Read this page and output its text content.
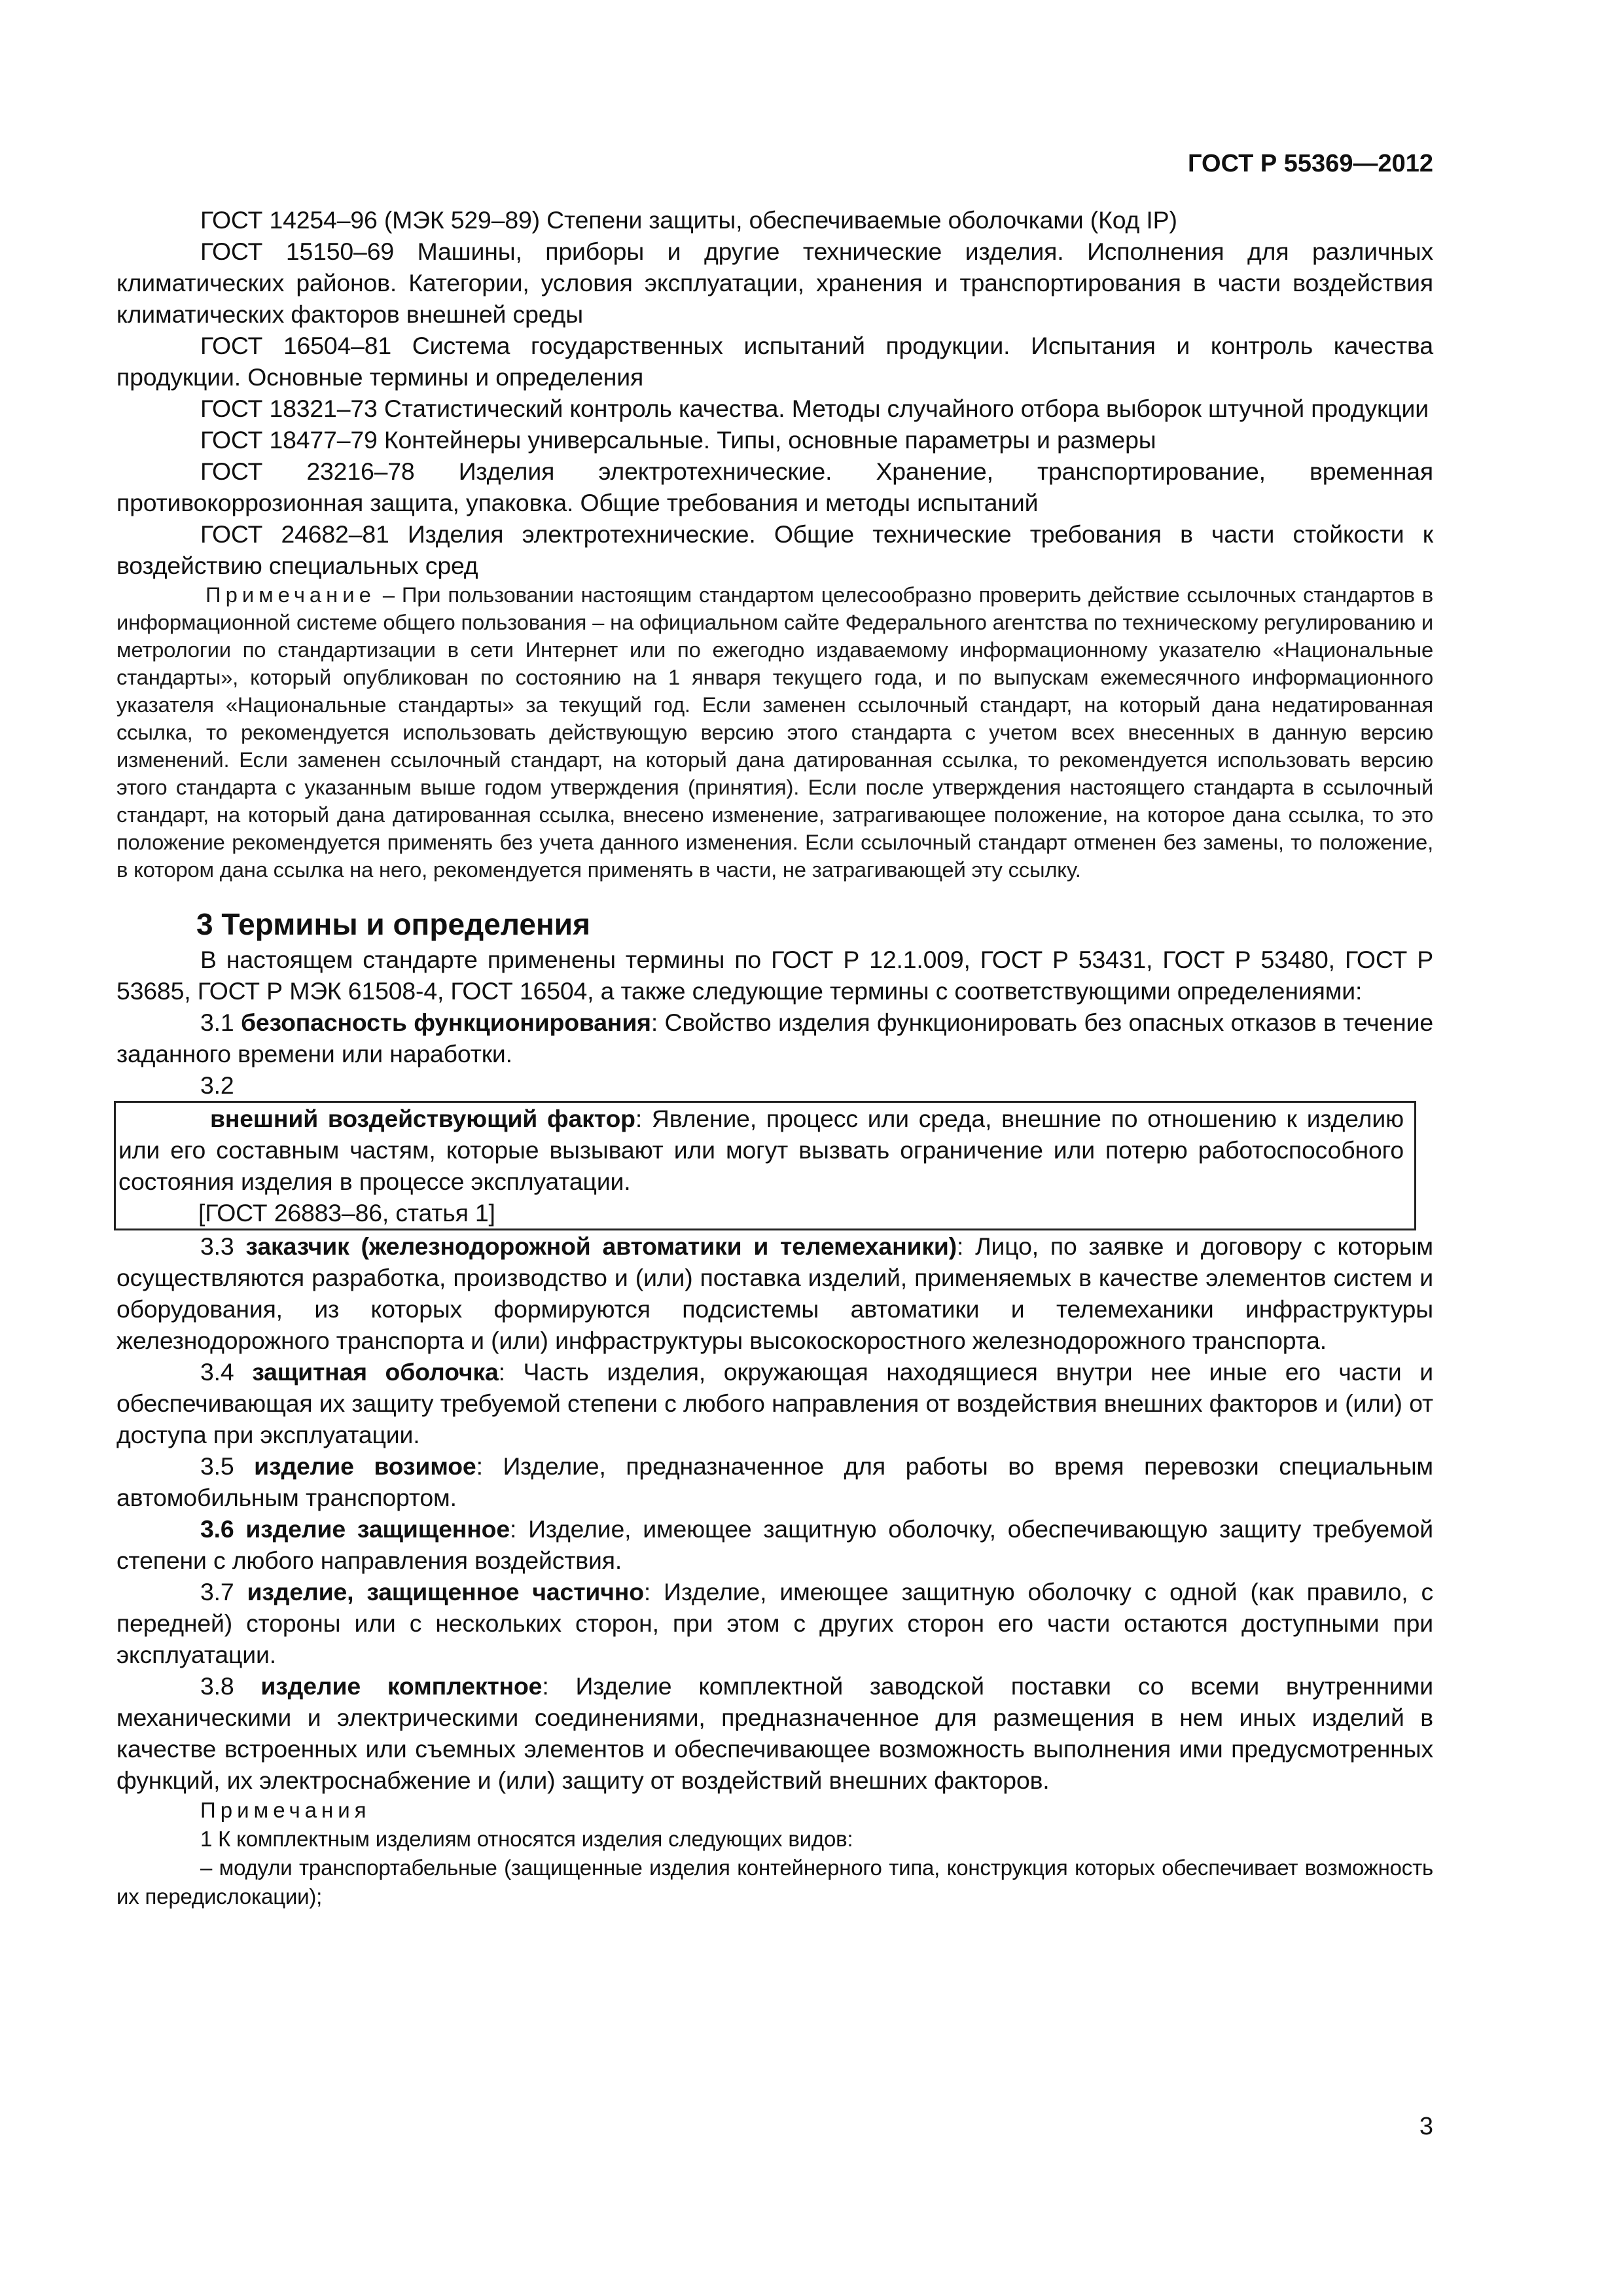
ГОСТ Р 55369—2012

ГОСТ 14254–96 (МЭК 529–89) Степени защиты, обеспечиваемые оболочками (Код IP)

ГОСТ 15150–69 Машины, приборы и другие технические изделия. Исполнения для различных климатических районов. Категории, условия эксплуатации, хранения и транспортирования в части воздействия климатических факторов внешней среды

ГОСТ 16504–81 Система государственных испытаний продукции. Испытания и контроль качества продукции. Основные термины и определения

ГОСТ 18321–73 Статистический контроль качества. Методы случайного отбора выборок штучной продукции

ГОСТ 18477–79 Контейнеры универсальные. Типы, основные параметры и размеры

ГОСТ 23216–78 Изделия электротехнические. Хранение, транспортирование, временная противокоррозионная защита, упаковка. Общие требования и методы испытаний

ГОСТ 24682–81 Изделия электротехнические. Общие технические требования в части стойкости к воздействию специальных сред

Примечание – При пользовании настоящим стандартом целесообразно проверить действие ссылочных стандартов в информационной системе общего пользования – на официальном сайте Федерального агентства по техническому регулированию и метрологии по стандартизации в сети Интернет или по ежегодно издаваемому информационному указателю «Национальные стандарты», который опубликован по состоянию на 1 января текущего года, и по выпускам ежемесячного информационного указателя «Национальные стандарты» за текущий год. Если заменен ссылочный стандарт, на который дана недатированная ссылка, то рекомендуется использовать действующую версию этого стандарта с учетом всех внесенных в данную версию изменений. Если заменен ссылочный стандарт, на который дана датированная ссылка, то рекомендуется использовать версию этого стандарта с указанным выше годом утверждения (принятия). Если после утверждения настоящего стандарта в ссылочный стандарт, на который дана датированная ссылка, внесено изменение, затрагивающее положение, на которое дана ссылка, то это положение рекомендуется применять без учета данного изменения. Если ссылочный стандарт отменен без замены, то положение, в котором дана ссылка на него, рекомендуется применять в части, не затрагивающей эту ссылку.

3 Термины и определения

В настоящем стандарте применены термины по ГОСТ Р 12.1.009, ГОСТ Р 53431, ГОСТ Р 53480, ГОСТ Р 53685, ГОСТ Р МЭК 61508-4, ГОСТ 16504, а также следующие термины с соответствующими определениями:

3.1 безопасность функционирования: Свойство изделия функционировать без опасных отказов в течение заданного времени или наработки.

3.2

внешний воздействующий фактор: Явление, процесс или среда, внешние по отношению к изделию или его составным частям, которые вызывают или могут вызвать ограничение или потерю работоспособного состояния изделия в процессе эксплуатации.

[ГОСТ 26883–86, статья 1]

3.3 заказчик (железнодорожной автоматики и телемеханики): Лицо, по заявке и договору с которым осуществляются разработка, производство и (или) поставка изделий, применяемых в качестве элементов систем и оборудования, из которых формируются подсистемы автоматики и телемеханики инфраструктуры железнодорожного транспорта и (или) инфраструктуры высокоскоростного железнодорожного транспорта.

3.4 защитная оболочка: Часть изделия, окружающая находящиеся внутри нее иные его части и обеспечивающая их защиту требуемой степени с любого направления от воздействия внешних факторов и (или) от доступа при эксплуатации.

3.5 изделие возимое: Изделие, предназначенное для работы во время перевозки специальным автомобильным транспортом.

3.6 изделие защищенное: Изделие, имеющее защитную оболочку, обеспечивающую защиту требуемой степени с любого направления воздействия.

3.7 изделие, защищенное частично: Изделие, имеющее защитную оболочку с одной (как правило, с передней) стороны или с нескольких сторон, при этом с других сторон его части остаются доступными при эксплуатации.

3.8 изделие комплектное: Изделие комплектной заводской поставки со всеми внутренними механическими и электрическими соединениями, предназначенное для размещения в нем иных изделий в качестве встроенных или съемных элементов и обеспечивающее возможность выполнения ими предусмотренных функций, их электроснабжение и (или) защиту от воздействий внешних факторов.

Примечания

1 К комплектным изделиям относятся изделия следующих видов:

– модули транспортабельные (защищенные изделия контейнерного типа, конструкция которых обеспечивает возможность их передислокации);

3
